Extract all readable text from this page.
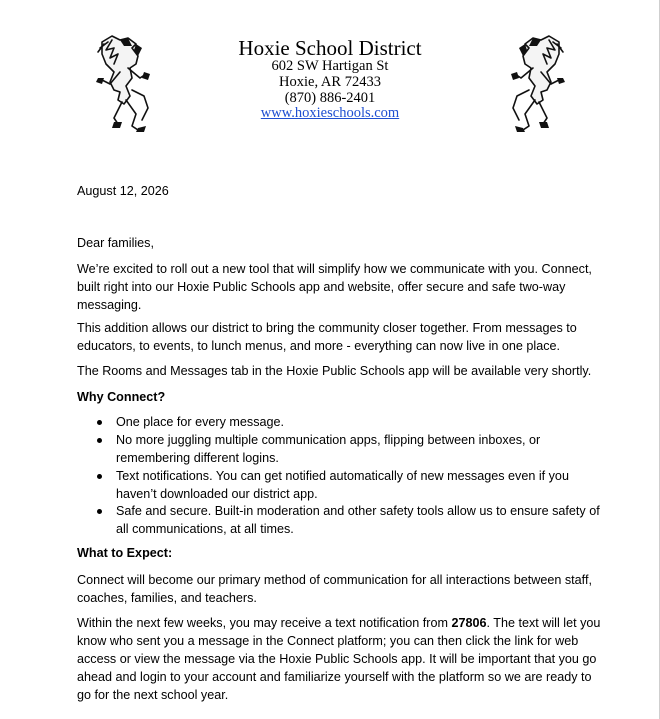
Hoxie School District
602 SW Hartigan St
Hoxie, AR 72433
(870) 886-2401
www.hoxieschools.com
August 12, 2026
Dear families,
We’re excited to roll out a new tool that will simplify how we communicate with you. Connect,
built right into our Hoxie Public Schools app and website, offer secure and safe two-way
messaging.
This addition allows our district to bring the community closer together. From messages to
educators, to events, to lunch menus, and more - everything can now live in one place.
The Rooms and Messages tab in the Hoxie Public Schools app will be available very shortly.
Why Connect?
One place for every message.
No more juggling multiple communication apps, flipping between inboxes, or
remembering different logins.
Text notifications. You can get notified automatically of new messages even if you
haven’t downloaded our district app.
Safe and secure. Built-in moderation and other safety tools allow us to ensure safety of
all communications, at all times.
What to Expect:
Connect will become our primary method of communication for all interactions between staff,
coaches, families, and teachers.
Within the next few weeks, you may receive a text notification from 27806. The text will let you
know who sent you a message in the Connect platform; you can then click the link for web
access or view the message via the Hoxie Public Schools app. It will be important that you go
ahead and login to your account and familiarize yourself with the platform so we are ready to
go for the next school year.
